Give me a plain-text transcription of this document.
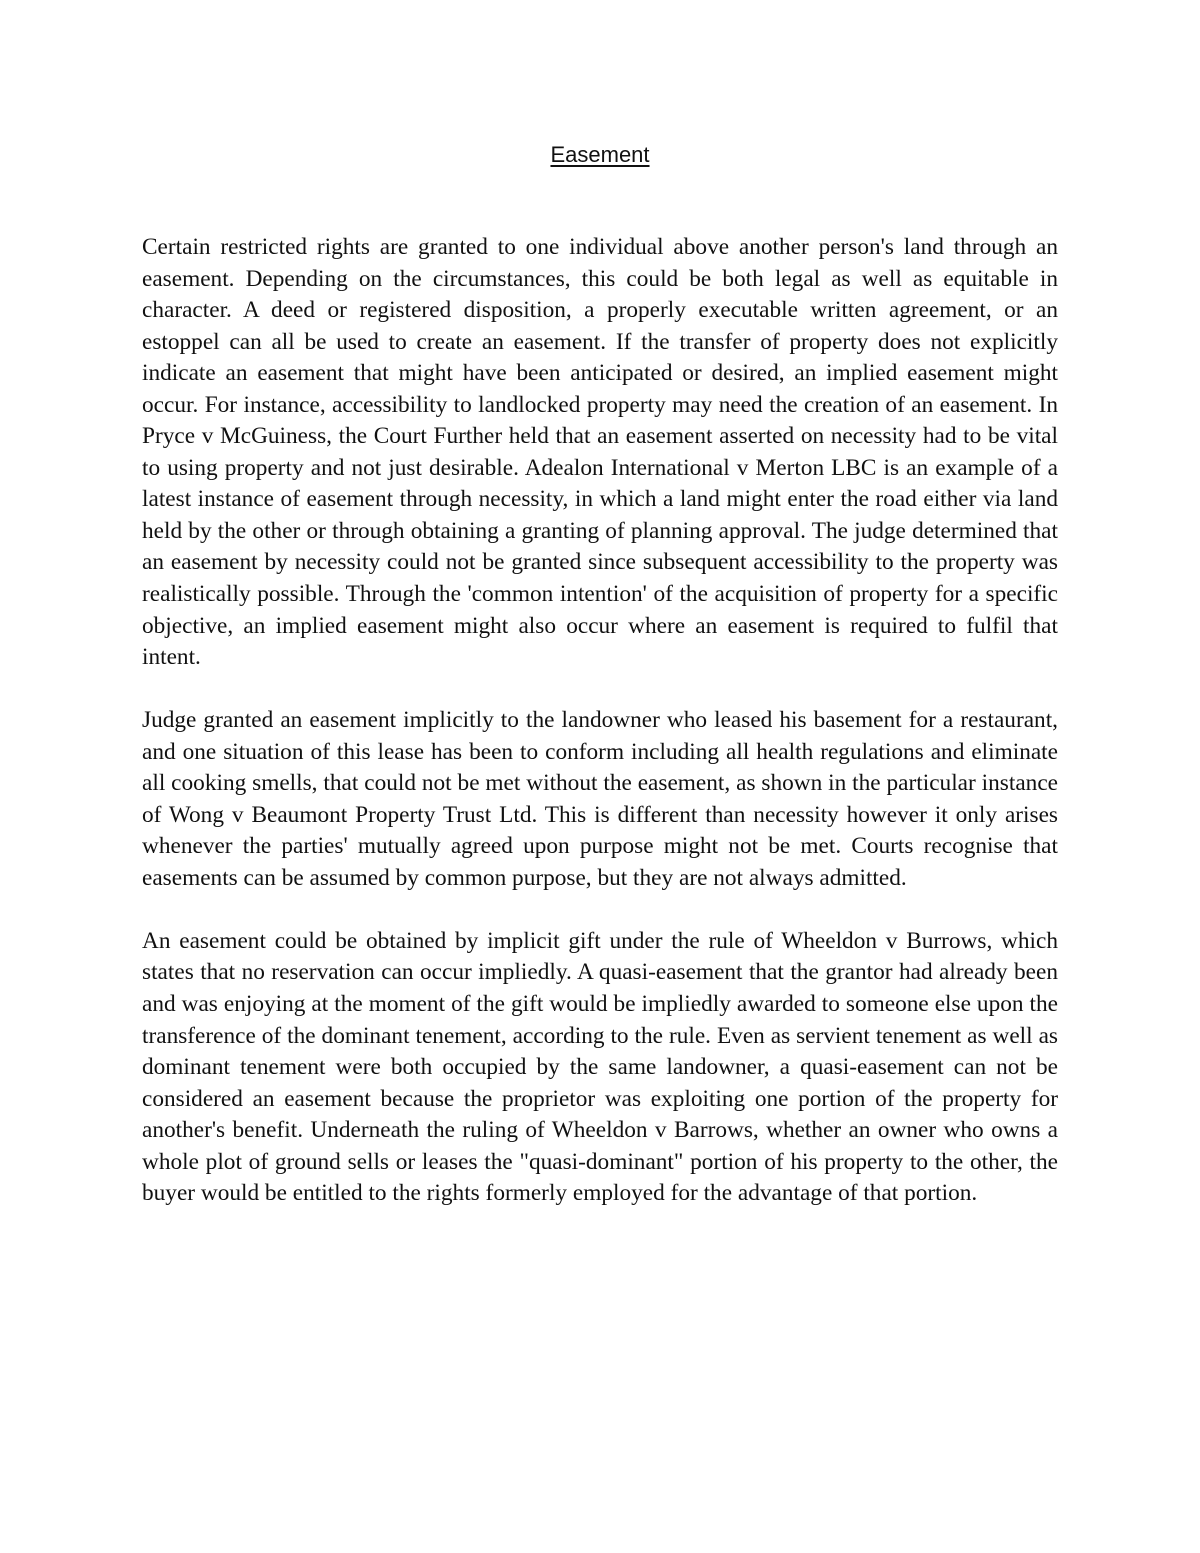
Easement

Certain restricted rights are granted to one individual above another person's land through an easement. Depending on the circumstances, this could be both legal as well as equitable in character. A deed or registered disposition, a properly executable written agreement, or an estoppel can all be used to create an easement. If the transfer of property does not explicitly indicate an easement that might have been anticipated or desired, an implied easement might occur. For instance, accessibility to landlocked property may need the creation of an easement. In Pryce v McGuiness, the Court Further held that an easement asserted on necessity had to be vital to using property and not just desirable. Adealon International v Merton LBC is an example of a latest instance of easement through necessity, in which a land might enter the road either via land held by the other or through obtaining a granting of planning approval. The judge determined that an easement by necessity could not be granted since subsequent accessibility to the property was realistically possible. Through the 'common intention' of the acquisition of property for a specific objective, an implied easement might also occur where an easement is required to fulfil that intent.

Judge granted an easement implicitly to the landowner who leased his basement for a restaurant, and one situation of this lease has been to conform including all health regulations and eliminate all cooking smells, that could not be met without the easement, as shown in the particular instance of Wong v Beaumont Property Trust Ltd. This is different than necessity however it only arises whenever the parties' mutually agreed upon purpose might not be met. Courts recognise that easements can be assumed by common purpose, but they are not always admitted.

An easement could be obtained by implicit gift under the rule of Wheeldon v Burrows, which states that no reservation can occur impliedly. A quasi-easement that the grantor had already been and was enjoying at the moment of the gift would be impliedly awarded to someone else upon the transference of the dominant tenement, according to the rule. Even as servient tenement as well as dominant tenement were both occupied by the same landowner, a quasi-easement can not be considered an easement because the proprietor was exploiting one portion of the property for another's benefit. Underneath the ruling of Wheeldon v Barrows, whether an owner who owns a whole plot of ground sells or leases the "quasi-dominant" portion of his property to the other, the buyer would be entitled to the rights formerly employed for the advantage of that portion.
